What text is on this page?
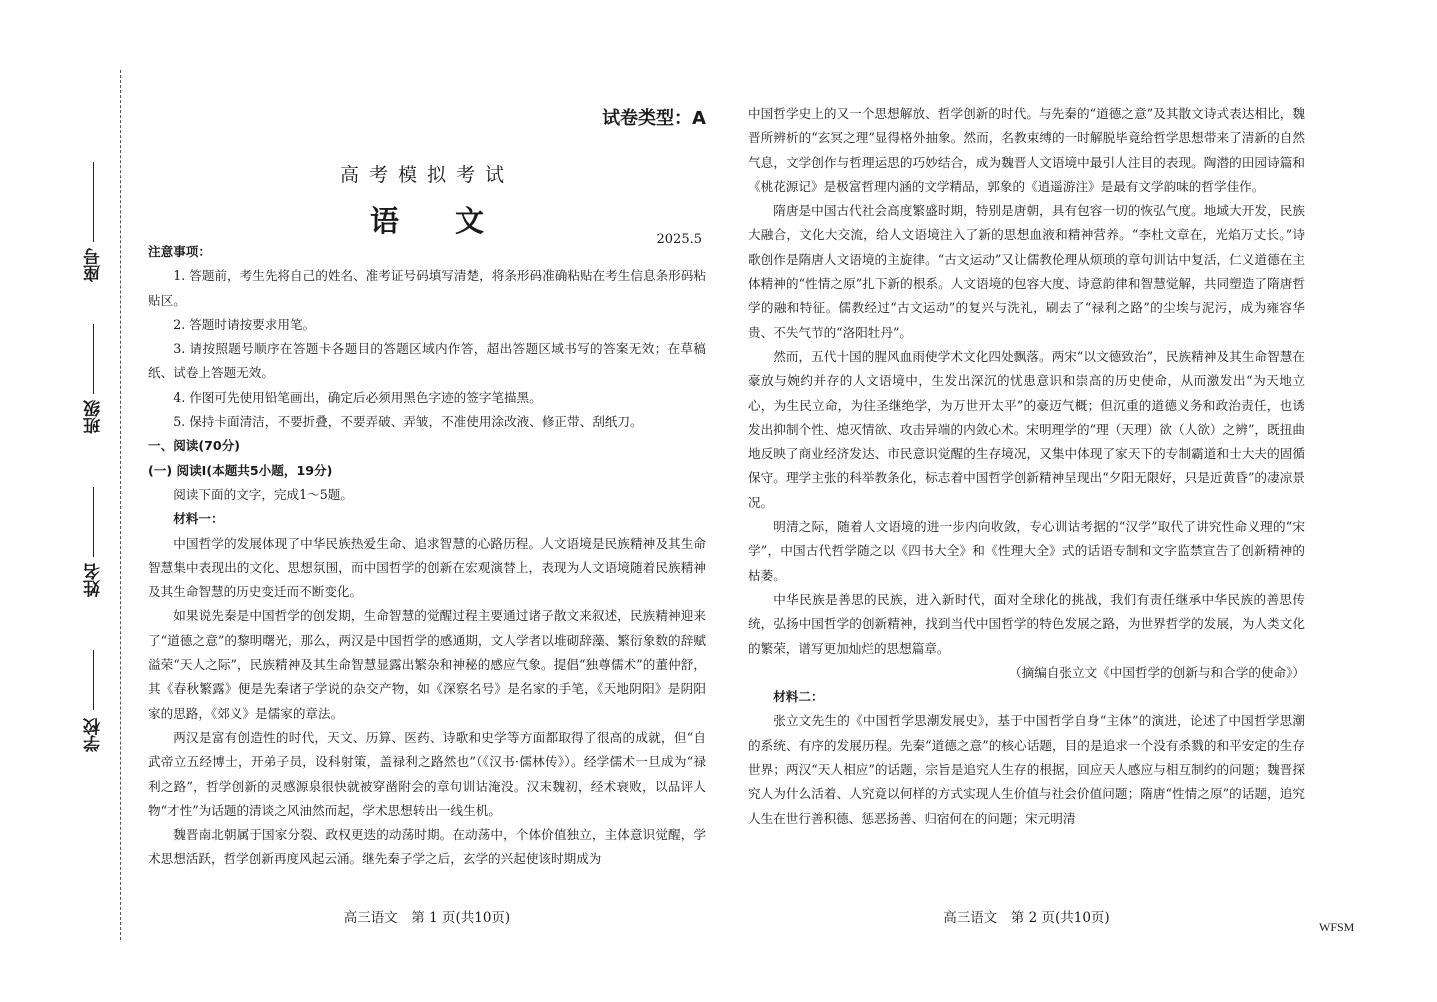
学校
姓名
班级
座号
试卷类型：A
高考模拟考试
语文
2025.5

注意事项：

1. 答题前，考生先将自己的姓名、准考证号码填写清楚，将条形码准确粘贴在考生信息条形码粘贴区。

2. 答题时请按要求用笔。

3. 请按照题号顺序在答题卡各题目的答题区域内作答，超出答题区域书写的答案无效；在草稿纸、试卷上答题无效。

4. 作图可先使用铅笔画出，确定后必须用黑色字迹的签字笔描黑。

5. 保持卡面清洁，不要折叠，不要弄破、弄皱，不准使用涂改液、修正带、刮纸刀。

一、阅读(70分)

(一) 阅读Ⅰ(本题共5小题，19分)

阅读下面的文字，完成1～5题。

材料一：

中国哲学的发展体现了中华民族热爱生命、追求智慧的心路历程。人文语境是民族精神及其生命智慧集中表现出的文化、思想氛围，而中国哲学的创新在宏观演替上，表现为人文语境随着民族精神及其生命智慧的历史变迁而不断变化。

如果说先秦是中国哲学的创发期，生命智慧的觉醒过程主要通过诸子散文来叙述，民族精神迎来了“道德之意”的黎明曙光，那么，两汉是中国哲学的感通期，文人学者以堆砌辞藻、繁衍象数的辞赋溢荣“天人之际”，民族精神及其生命智慧显露出繁杂和神秘的感应气象。提倡“独尊儒术”的董仲舒，其《春秋繁露》便是先秦诸子学说的杂交产物，如《深察名号》是名家的手笔，《天地阴阳》是阴阳家的思路，《郊义》是儒家的章法。

两汉是富有创造性的时代，天文、历算、医药、诗歌和史学等方面都取得了很高的成就，但“自武帝立五经博士，开弟子员，设科射策，盖禄利之路然也”（《汉书·儒林传》）。经学儒术一旦成为“禄利之路”，哲学创新的灵感源泉很快就被穿凿附会的章句训诂淹没。汉末魏初，经术衰败，以品评人物“才性”为话题的清谈之风油然而起，学术思想转出一线生机。

魏晋南北朝属于国家分裂、政权更迭的动荡时期。在动荡中，个体价值独立，主体意识觉醒，学术思想活跃，哲学创新再度风起云涌。继先秦子学之后，玄学的兴起使该时期成为

高三语文　第 1 页(共10页)

中国哲学史上的又一个思想解放、哲学创新的时代。与先秦的“道德之意”及其散文诗式表达相比，魏晋所辨析的“玄冥之理”显得格外抽象。然而，名教束缚的一时解脱毕竟给哲学思想带来了清新的自然气息，文学创作与哲理运思的巧妙结合，成为魏晋人文语境中最引人注目的表现。陶潜的田园诗篇和《桃花源记》是极富哲理内涵的文学精品，郭象的《逍遥游注》是最有文学韵味的哲学佳作。

隋唐是中国古代社会高度繁盛时期，特别是唐朝，具有包容一切的恢弘气度。地域大开发，民族大融合，文化大交流，给人文语境注入了新的思想血液和精神营养。“李杜文章在，光焰万丈长。”诗歌创作是隋唐人文语境的主旋律。“古文运动”又让儒教伦理从烦琐的章句训诂中复活，仁义道德在主体精神的“性情之原”扎下新的根系。人文语境的包容大度、诗意韵律和智慧觉解，共同塑造了隋唐哲学的融和特征。儒教经过“古文运动”的复兴与洗礼，刷去了“禄利之路”的尘埃与泥污，成为雍容华贵、不失气节的“洛阳牡丹”。

然而，五代十国的腥风血雨使学术文化四处飘落。两宋“以文德致治”，民族精神及其生命智慧在豪放与婉约并存的人文语境中，生发出深沉的忧患意识和崇高的历史使命，从而激发出“为天地立心，为生民立命，为往圣继绝学，为万世开太平”的豪迈气概；但沉重的道德义务和政治责任，也诱发出抑制个性、熄灭情欲、攻击异端的内敛心术。宋明理学的“理（天理）欲（人欲）之辨”，既扭曲地反映了商业经济发达、市民意识觉醒的生存境况，又集中体现了家天下的专制霸道和士大夫的固循保守。理学主张的科举教条化，标志着中国哲学创新精神呈现出“夕阳无限好，只是近黄昏”的凄凉景况。

明清之际，随着人文语境的进一步内向收敛，专心训诂考据的“汉学”取代了讲究性命义理的“宋学”，中国古代哲学随之以《四书大全》和《性理大全》式的话语专制和文字监禁宣告了创新精神的枯萎。

中华民族是善思的民族，进入新时代，面对全球化的挑战，我们有责任继承中华民族的善思传统，弘扬中国哲学的创新精神，找到当代中国哲学的特色发展之路，为世界哲学的发展，为人类文化的繁荣，谱写更加灿烂的思想篇章。

（摘编自张立文《中国哲学的创新与和合学的使命》）

材料二：

张立文先生的《中国哲学思潮发展史》，基于中国哲学自身“主体”的演进，论述了中国哲学思潮的系统、有序的发展历程。先秦“道德之意”的核心话题，目的是追求一个没有杀戮的和平安定的生存世界；两汉“天人相应”的话题，宗旨是追究人生存的根据，回应天人感应与相互制约的问题；魏晋探究人为什么活着、人究竟以何样的方式实现人生价值与社会价值问题；隋唐“性情之原”的话题，追究人生在世行善积德、惩恶扬善、归宿何在的问题；宋元明清

高三语文　第 2 页(共10页)
WFSM
